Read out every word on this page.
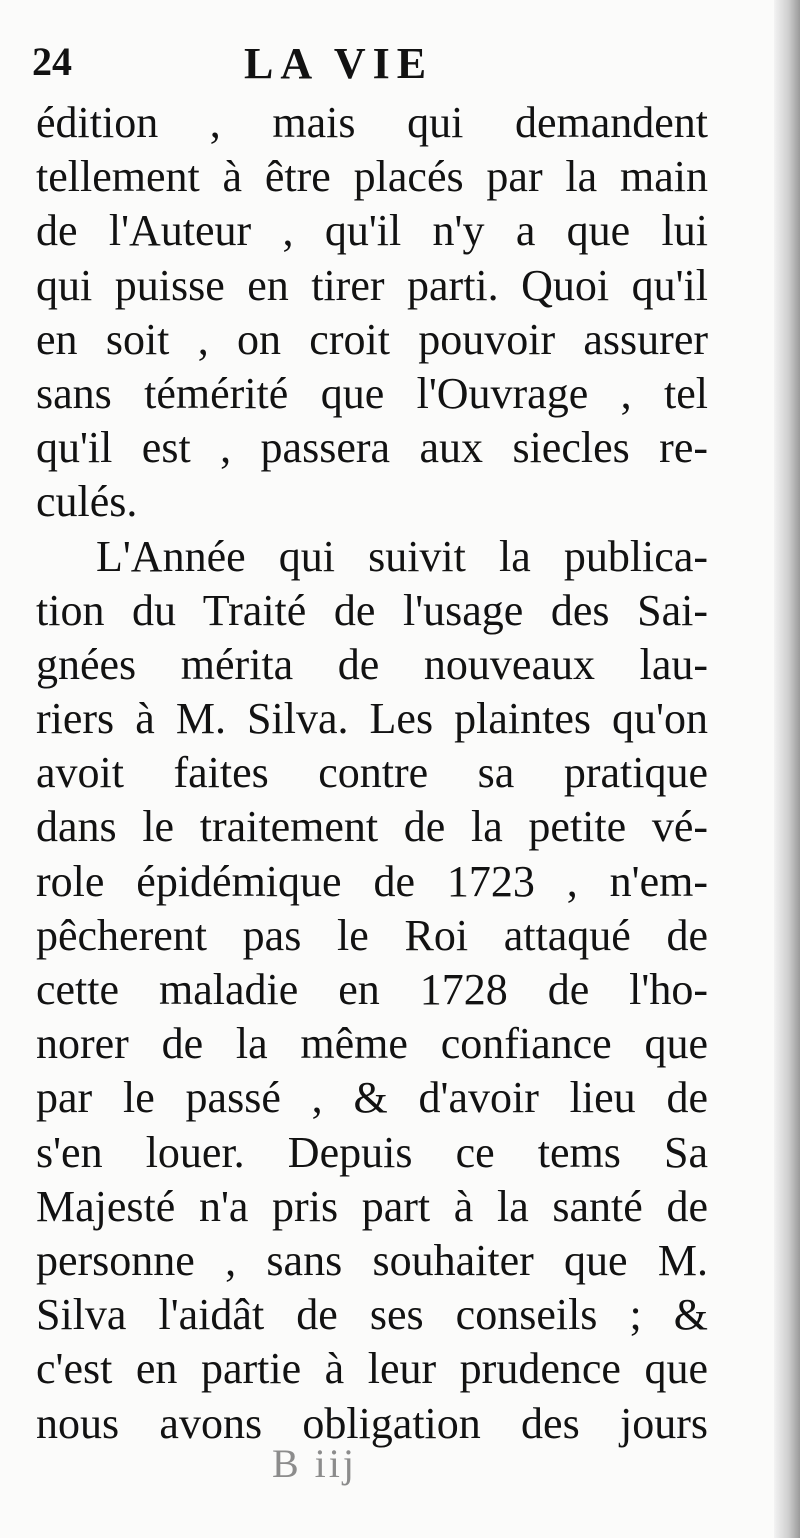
24	LA VIE
édition , mais qui demandent
tellement à être placés par la main
de l'Auteur , qu'il n'y a que lui
qui puisse en tirer parti. Quoi qu'il
en soit , on croit pouvoir assurer
sans témérité que l'Ouvrage , tel
qu'il est , passera aux siecles re-
culés.
L'Année qui suivit la publica-
tion du Traité de l'usage des Sai-
gnées mérita de nouveaux lau-
riers à M. Silva. Les plaintes qu'on
avoit faites contre sa pratique
dans le traitement de la petite vé-
role épidémique de 1723 , n'em-
pêcherent pas le Roi attaqué de
cette maladie en 1728 de l'ho-
norer de la même confiance que
par le passé , & d'avoir lieu de
s'en louer. Depuis ce tems Sa
Majesté n'a pris part à la santé de
personne , sans souhaiter que M.
Silva l'aidât de ses conseils ; &
c'est en partie à leur prudence que
nous avons obligation des jours
B iij
